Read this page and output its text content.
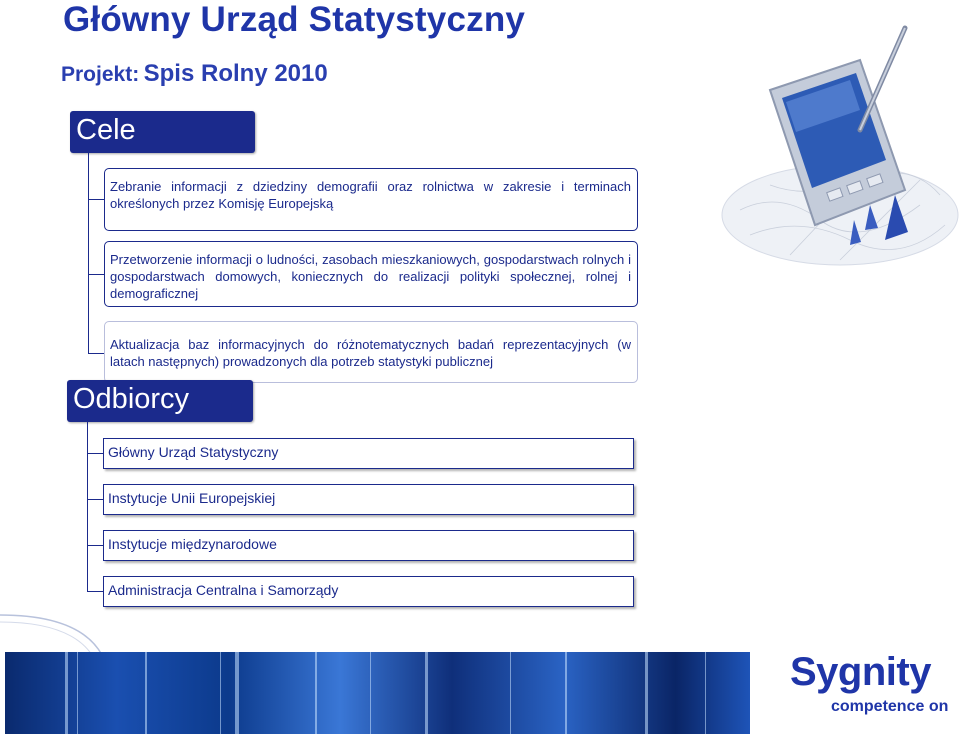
Główny Urząd Statystyczny
Projekt: Spis Rolny 2010
Cele
Zebranie informacji z dziedziny demografii oraz rolnictwa w zakresie i terminach określonych przez Komisję Europejską
Przetworzenie informacji o ludności, zasobach mieszkaniowych, gospodarstwach rolnych i gospodarstwach domowych, koniecznych do realizacji polityki społecznej, rolnej i demograficznej
Aktualizacja baz informacyjnych do różnotematycznych badań reprezentacyjnych (w latach następnych) prowadzonych dla potrzeb statystyki publicznej
Odbiorcy
Główny Urząd Statystyczny
Instytucje Unii Europejskiej
Instytucje międzynarodowe
Administracja Centralna i Samorządy
Sygnity
competence on
